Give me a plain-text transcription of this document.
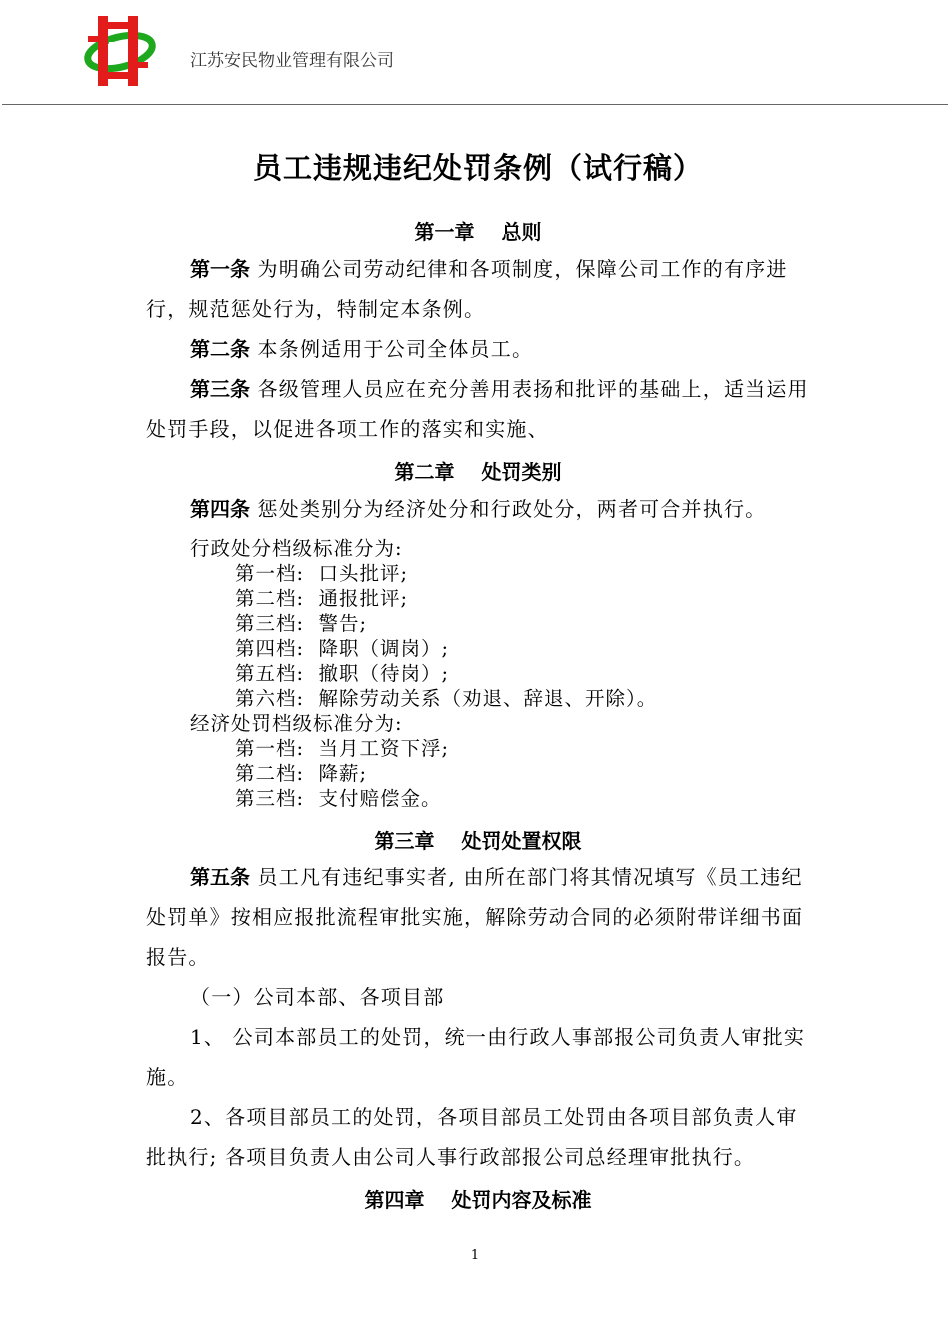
江苏安民物业管理有限公司
员工违规违纪处罚条例（试行稿）
第一章　 总则
第一条 为明确公司劳动纪律和各项制度，保障公司工作的有序进行，规范惩处行为，特制定本条例。
第二条 本条例适用于公司全体员工。
第三条 各级管理人员应在充分善用表扬和批评的基础上，适当运用处罚手段，以促进各项工作的落实和实施、
第二章　 处罚类别
第四条 惩处类别分为经济处分和行政处分，两者可合并执行。
行政处分档级标准分为:
第一档:  口头批评;
第二档:  通报批评;
第三档:  警告;
第四档:  降职（调岗）;
第五档:  撤职（待岗）;
第六档:  解除劳动关系（劝退、辞退、开除）。
经济处罚档级标准分为:
第一档:  当月工资下浮;
第二档:  降薪;
第三档:  支付赔偿金。
第三章　 处罚处置权限
第五条 员工凡有违纪事实者, 由所在部门将其情况填写《员工违纪处罚单》按相应报批流程审批实施，解除劳动合同的必须附带详细书面报告。
（一）公司本部、各项目部
1、 公司本部员工的处罚，统一由行政人事部报公司负责人审批实施。
2、各项目部员工的处罚，各项目部员工处罚由各项目部负责人审批执行; 各项目负责人由公司人事行政部报公司总经理审批执行。
第四章　 处罚内容及标准
1
